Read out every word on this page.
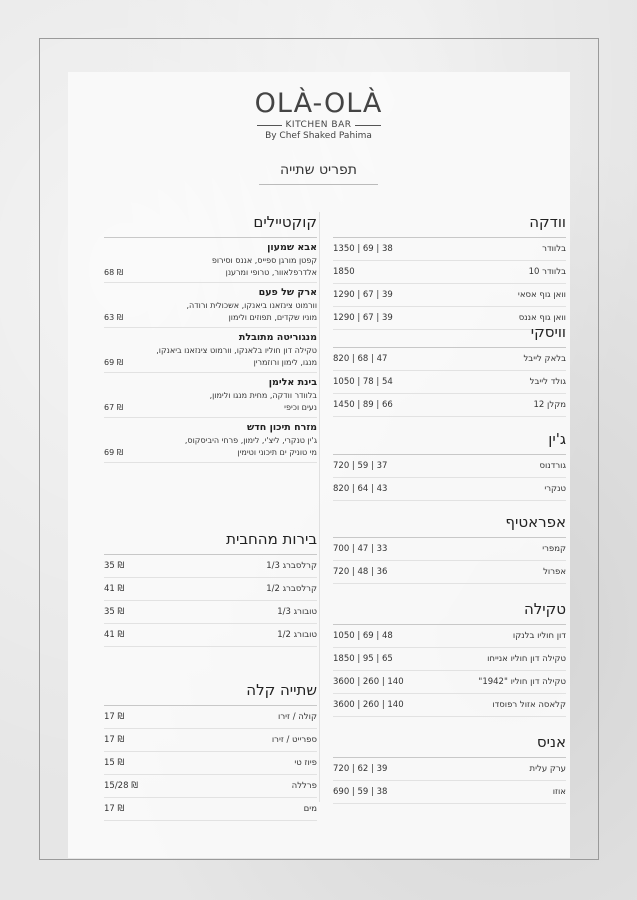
OLÀ-OLÀ
KITCHEN BAR
By Chef Shaked Pahima
תפריט שתייה
וודקה
בלוודר
1350 | 69 | 38
בלוודר 10
1850
וואן גוף אסאי
1290 | 67 | 39
וואן גוף אננס
1290 | 67 | 39
וויסקי
בלאק לייבל
820 | 68 | 47
גולד לייבל
1050 | 78 | 54
מקלן 12
1450 | 89 | 66
ג'ין
גורדנוס
720 | 59 | 37
טנקרי
820 | 64 | 43
אפראטיף
קמפרי
700 | 47 | 33
אפרול
720 | 48 | 36
טקילה
דון חוליו בלנקו
1050 | 69 | 48
טקילה דון חוליו אנייחו
1850 | 95 | 65
טקילה דון חוליו "1942"
3600 | 260 | 140
קלאסה אזול רפוסדו
3600 | 260 | 140
אניס
ערק עלית
720 | 62 | 39
אוזו
690 | 59 | 38
קוקטיילים
אבא שמעון
קפטן מורגן ספייס, אננס וסירופ
אלדרפלאוור, טרופי ומרענן
68 ₪
ארק של פעם
וורמוט צינזאנו ביאנקו, אשכולית ורודה,
מוניו שקדים, תפוזים ולימון
63 ₪
מנגוריטה מתובלת
טקילה דון חוליו בלאנקו, וורמוט צינזאנו ביאנקו,
מנגו, לימון ורוזמרין
69 ₪
בינת אלימן
בלוודר וודקה, מחית מנגו ולימון,
נעים וכיפי
67 ₪
מזרח תיכון חדש
ג'ין טנקרי, ליצ'י, לימון, פרחי היביסקוס,
מי טוניק ים תיכוני וטימין
69 ₪
בירות מהחבית
קרלסברג 1/3
35 ₪
קרלסברג 1/2
41 ₪
טובורג 1/3
35 ₪
טובורג 1/2
41 ₪
שתייה קלה
קולה / זירו
17 ₪
ספרייט / זירו
17 ₪
פיוז טי
15 ₪
פרללה
15/28 ₪
מים
17 ₪
